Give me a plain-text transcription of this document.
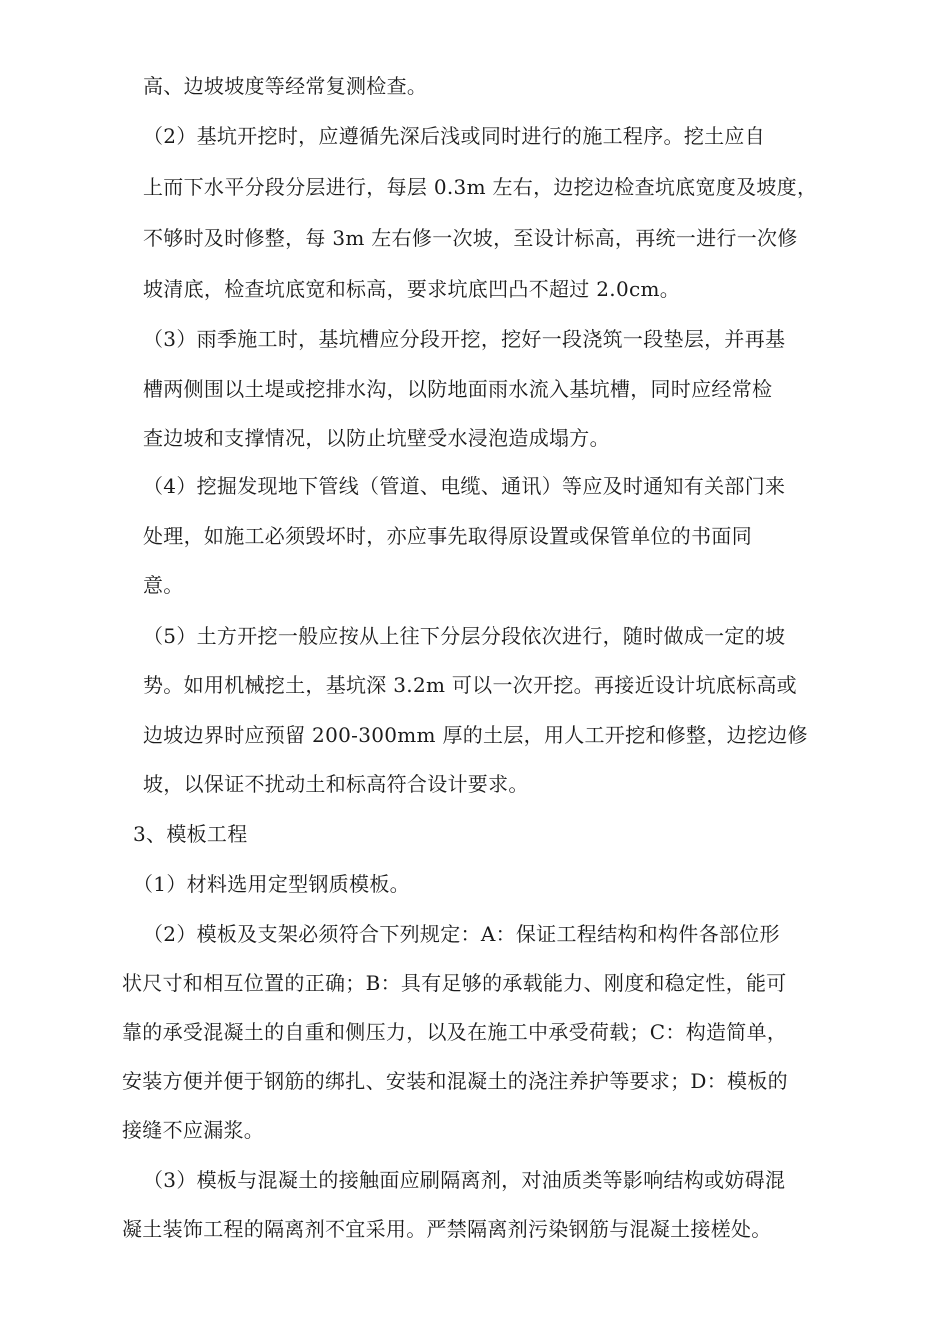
高、边坡坡度等经常复测检查。
（2）基坑开挖时，应遵循先深后浅或同时进行的施工程序。挖土应自
上而下水平分段分层进行，每层 0.3m 左右，边挖边检查坑底宽度及坡度，
不够时及时修整，每 3m 左右修一次坡，至设计标高，再统一进行一次修
坡清底，检查坑底宽和标高，要求坑底凹凸不超过 2.0cm。
（3）雨季施工时，基坑槽应分段开挖，挖好一段浇筑一段垫层，并再基
槽两侧围以土堤或挖排水沟，以防地面雨水流入基坑槽，同时应经常检
查边坡和支撑情况，以防止坑壁受水浸泡造成塌方。
（4）挖掘发现地下管线（管道、电缆、通讯）等应及时通知有关部门来
处理，如施工必须毁坏时，亦应事先取得原设置或保管单位的书面同
意。
（5）土方开挖一般应按从上往下分层分段依次进行，随时做成一定的坡
势。如用机械挖土，基坑深 3.2m 可以一次开挖。再接近设计坑底标高或
边坡边界时应预留 200-300mm 厚的土层，用人工开挖和修整，边挖边修
坡，以保证不扰动土和标高符合设计要求。
3、模板工程
（1）材料选用定型钢质模板。
（2）模板及支架必须符合下列规定：A：保证工程结构和构件各部位形
状尺寸和相互位置的正确；B：具有足够的承载能力、刚度和稳定性，能可
靠的承受混凝土的自重和侧压力，以及在施工中承受荷载；C：构造简单，
安装方便并便于钢筋的绑扎、安装和混凝土的浇注养护等要求；D：模板的
接缝不应漏浆。
（3）模板与混凝土的接触面应刷隔离剂，对油质类等影响结构或妨碍混
凝土装饰工程的隔离剂不宜采用。严禁隔离剂污染钢筋与混凝土接槎处。
